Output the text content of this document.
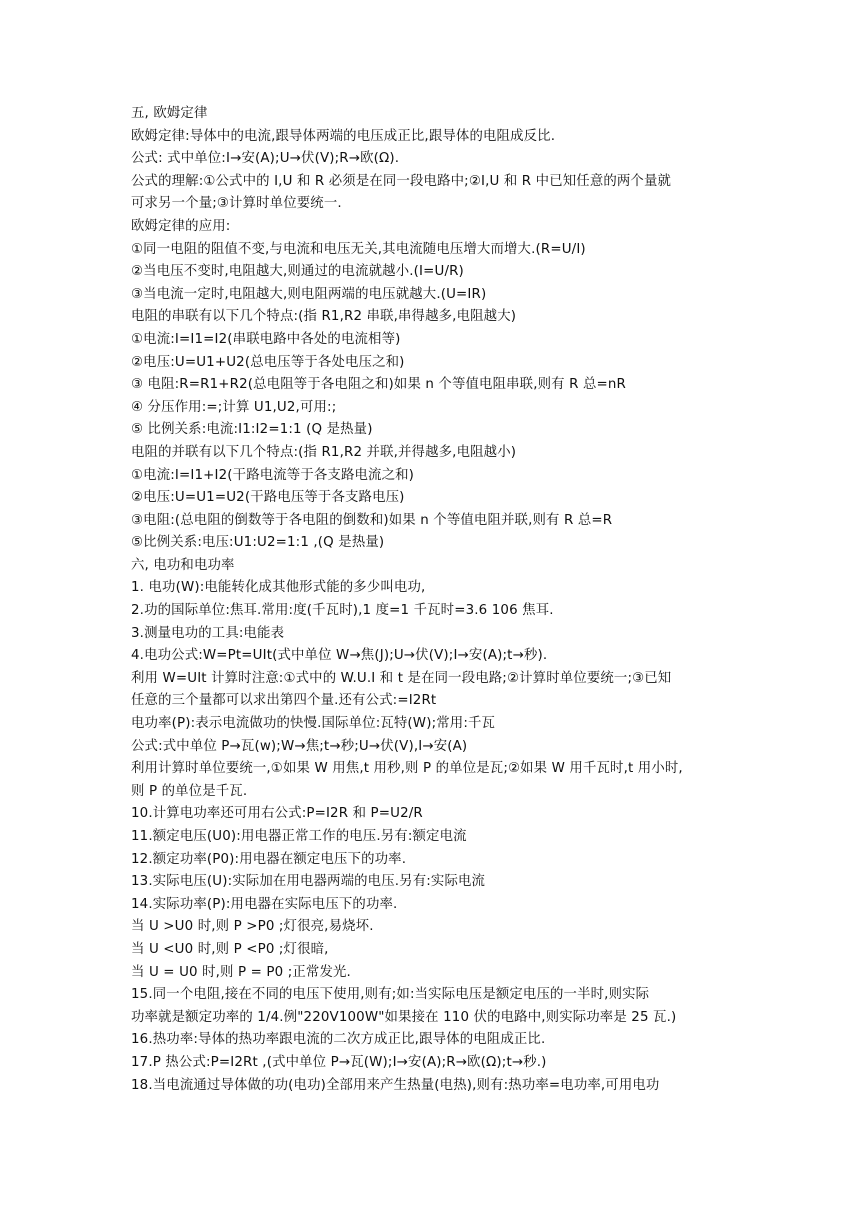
五, 欧姆定律
欧姆定律:导体中的电流,跟导体两端的电压成正比,跟导体的电阻成反比.
公式: 式中单位:I→安(A);U→伏(V);R→欧(Ω).
公式的理解:①公式中的 I,U 和 R 必须是在同一段电路中;②I,U 和 R 中已知任意的两个量就
可求另一个量;③计算时单位要统一.
欧姆定律的应用:
①同一电阻的阻值不变,与电流和电压无关,其电流随电压增大而增大.(R=U/I)
②当电压不变时,电阻越大,则通过的电流就越小.(I=U/R)
③当电流一定时,电阻越大,则电阻两端的电压就越大.(U=IR)
电阻的串联有以下几个特点:(指 R1,R2 串联,串得越多,电阻越大)
①电流:I=I1=I2(串联电路中各处的电流相等)
②电压:U=U1+U2(总电压等于各处电压之和)
③ 电阻:R=R1+R2(总电阻等于各电阻之和)如果 n 个等值电阻串联,则有 R 总=nR
④ 分压作用:=;计算 U1,U2,可用:;
⑤ 比例关系:电流:I1:I2=1:1 (Q 是热量)
电阻的并联有以下几个特点:(指 R1,R2 并联,并得越多,电阻越小)
①电流:I=I1+I2(干路电流等于各支路电流之和)
②电压:U=U1=U2(干路电压等于各支路电压)
③电阻:(总电阻的倒数等于各电阻的倒数和)如果 n 个等值电阻并联,则有 R 总=R
⑤比例关系:电压:U1:U2=1:1 ,(Q 是热量)
六, 电功和电功率
1. 电功(W):电能转化成其他形式能的多少叫电功,
2.功的国际单位:焦耳.常用:度(千瓦时),1 度=1 千瓦时=3.6 106 焦耳.
3.测量电功的工具:电能表
4.电功公式:W=Pt=UIt(式中单位 W→焦(J);U→伏(V);I→安(A);t→秒).
利用 W=UIt 计算时注意:①式中的 W.U.I 和 t 是在同一段电路;②计算时单位要统一;③已知
任意的三个量都可以求出第四个量.还有公式:=I2Rt
电功率(P):表示电流做功的快慢.国际单位:瓦特(W);常用:千瓦
公式:式中单位 P→瓦(w);W→焦;t→秒;U→伏(V),I→安(A)
利用计算时单位要统一,①如果 W 用焦,t 用秒,则 P 的单位是瓦;②如果 W 用千瓦时,t 用小时,
则 P 的单位是千瓦.
10.计算电功率还可用右公式:P=I2R 和 P=U2/R
11.额定电压(U0):用电器正常工作的电压.另有:额定电流
12.额定功率(P0):用电器在额定电压下的功率.
13.实际电压(U):实际加在用电器两端的电压.另有:实际电流
14.实际功率(P):用电器在实际电压下的功率.
当 U >U0 时,则 P >P0 ;灯很亮,易烧坏.
当 U <U0 时,则 P <P0 ;灯很暗,
当 U = U0 时,则 P = P0 ;正常发光.
15.同一个电阻,接在不同的电压下使用,则有;如:当实际电压是额定电压的一半时,则实际
功率就是额定功率的 1/4.例"220V100W"如果接在 110 伏的电路中,则实际功率是 25 瓦.)
16.热功率:导体的热功率跟电流的二次方成正比,跟导体的电阻成正比.
17.P 热公式:P=I2Rt ,(式中单位 P→瓦(W);I→安(A);R→欧(Ω);t→秒.)
18.当电流通过导体做的功(电功)全部用来产生热量(电热),则有:热功率=电功率,可用电功
